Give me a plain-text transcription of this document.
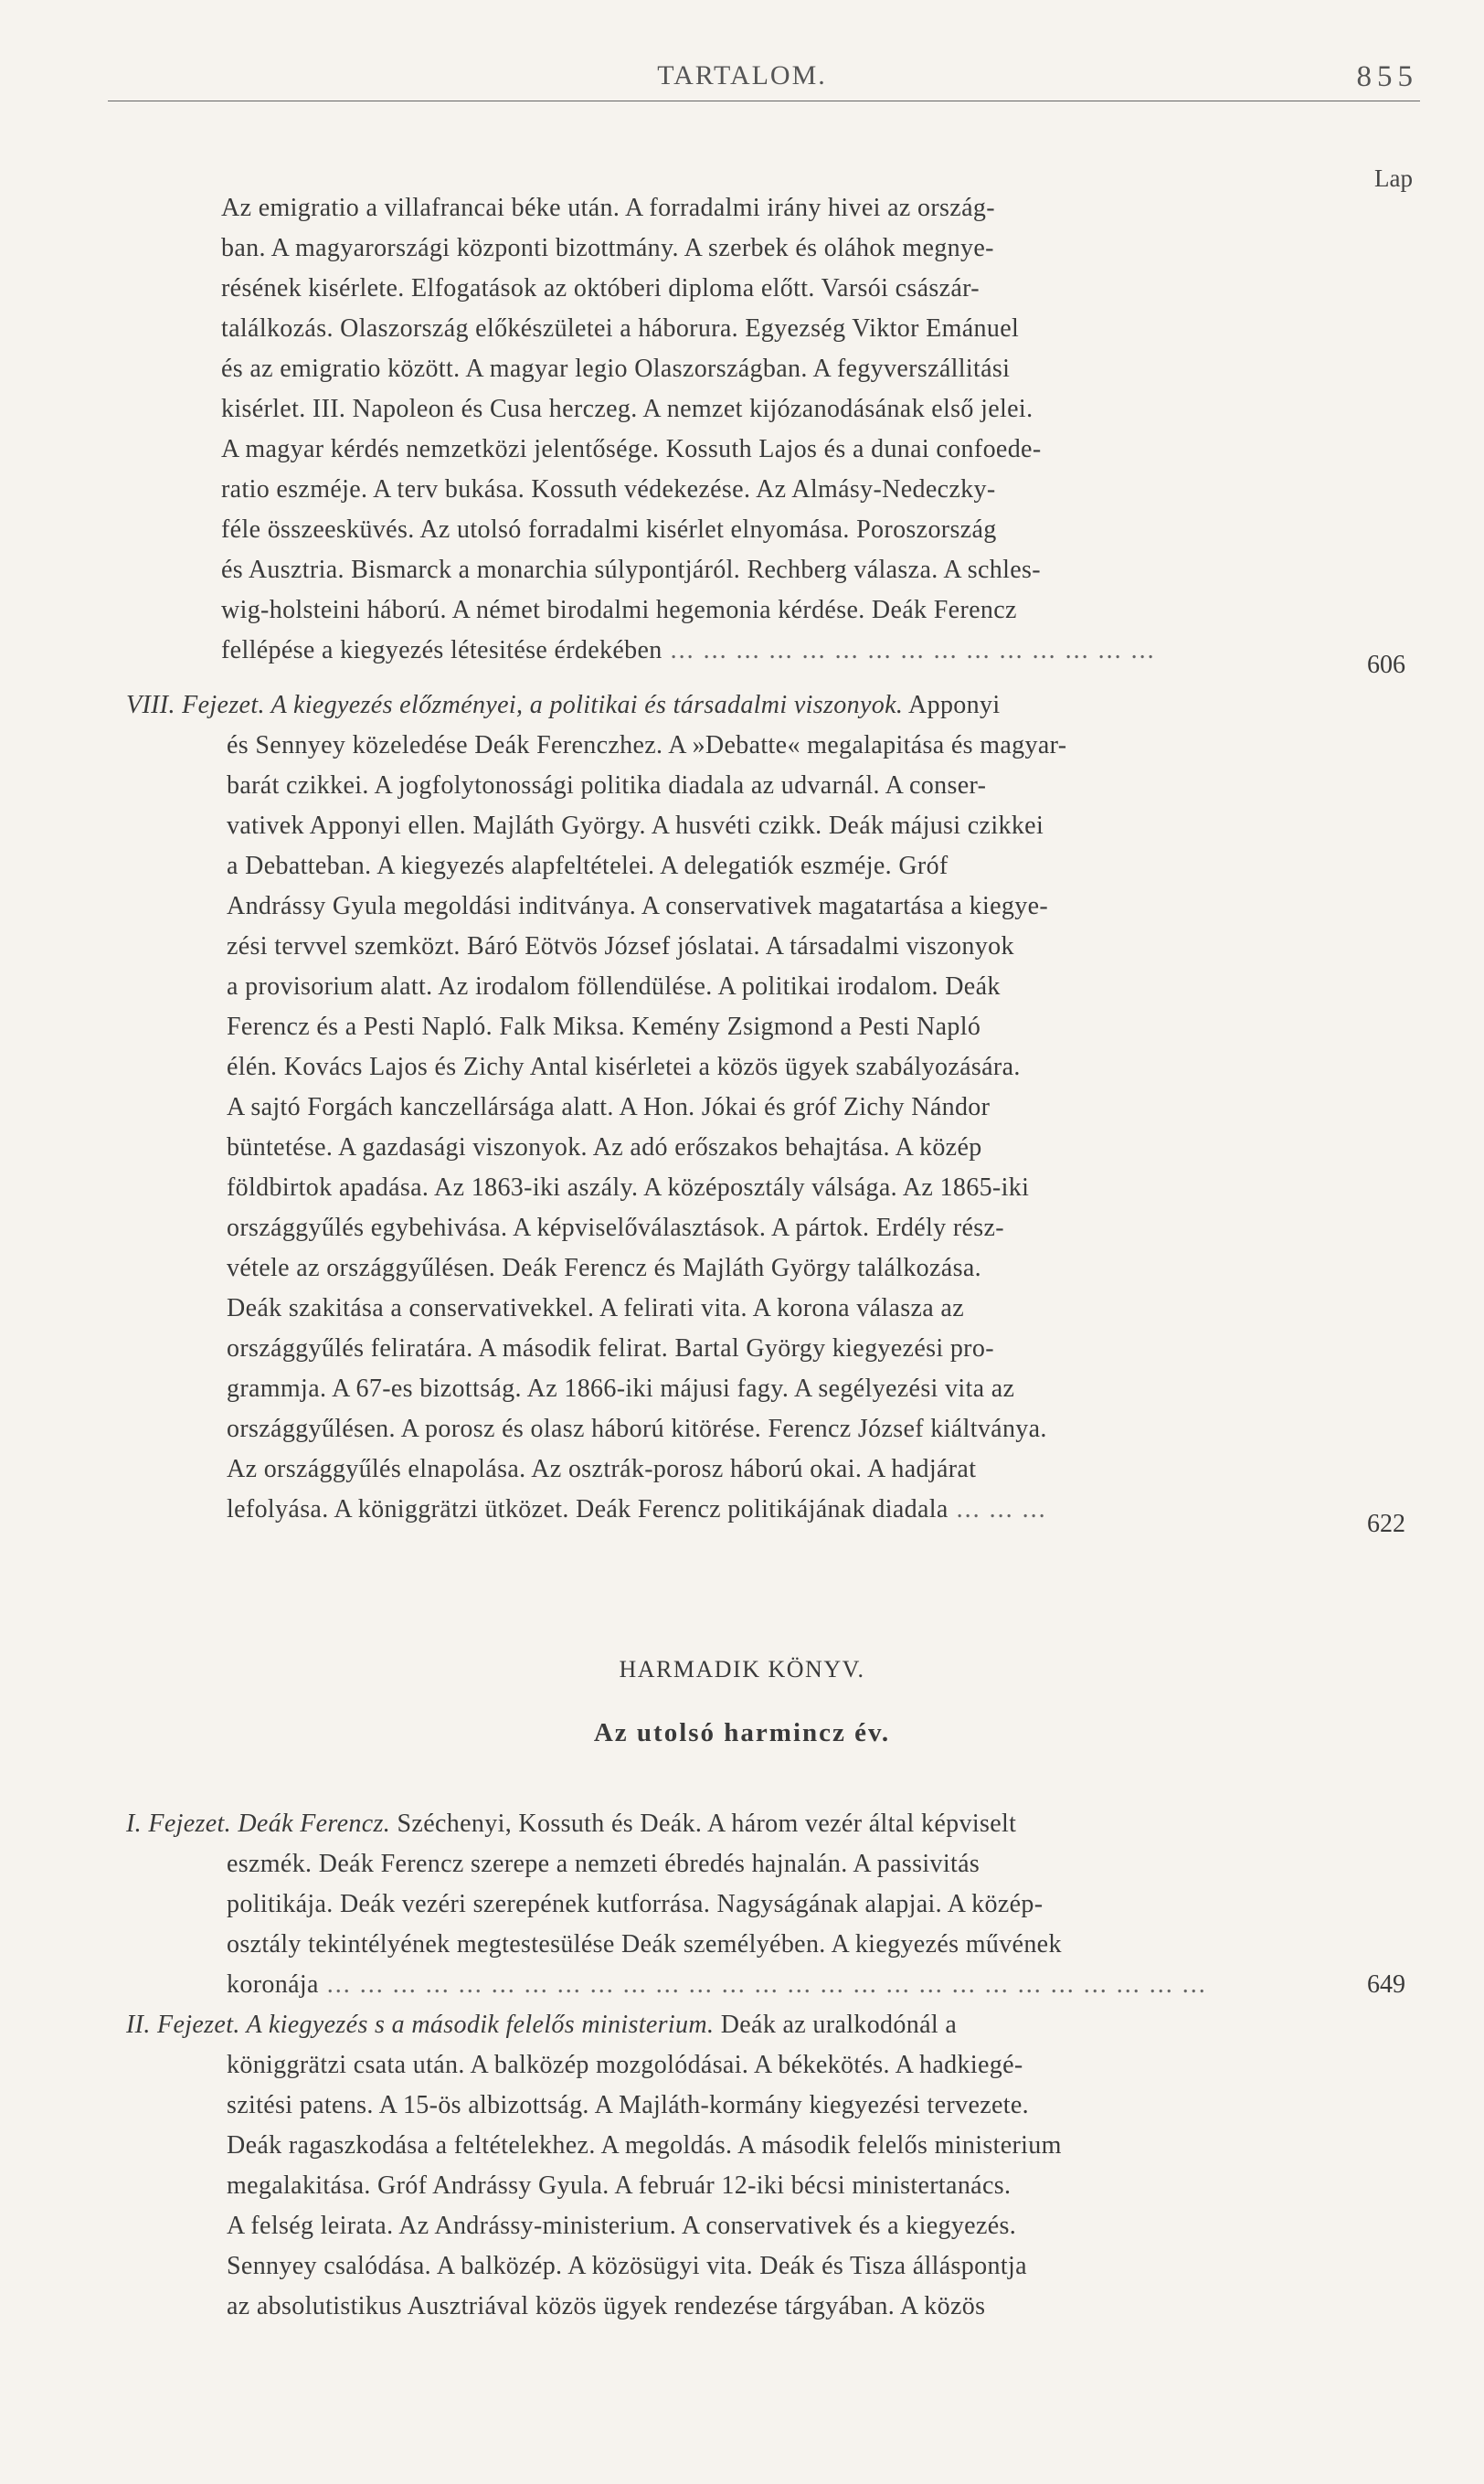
TARTALOM.	855
Lap
Az emigratio a villafrancai béke után. A forradalmi irány hivei az ország-
ban. A magyarországi központi bizottmány. A szerbek és oláhok megnye-
résének kisérlete. Elfogatások az októberi diploma előtt. Varsói császár-
találkozás. Olaszország előkészületei a háborura. Egyezség Viktor Emánuel
és az emigratio között. A magyar legio Olaszországban. A fegyverszállitási
kisérlet. III. Napoleon és Cusa herczeg. A nemzet kijózanodásának első jelei.
A magyar kérdés nemzetközi jelentősége. Kossuth Lajos és a dunai confoede-
ratio eszméje. A terv bukása. Kossuth védekezése. Az Almásy-Nedeczky-
féle összeesküvés. Az utolsó forradalmi kisérlet elnyomása. Poroszország
és Ausztria. Bismarck a monarchia súlypontjáról. Rechberg válasza. A schles-
wig-holsteini háború. A német birodalmi hegemonia kérdése. Deák Ferencz
fellépése a kiegyezés létesitése érdekében ... ... ... ... ... ... ... ... ... ... ... ... ... ... ...
606
VIII. Fejezet. A kiegyezés előzményei, a politikai és társadalmi viszonyok. Apponyi
és Sennyey közeledése Deák Ferenczhez. A »Debatte« megalapitása és magyar-
barát czikkei. A jogfolytonossági politika diadala az udvarnál. A conser-
vativek Apponyi ellen. Majláth György. A husvéti czikk. Deák májusi czikkei
a Debatteban. A kiegyezés alapfeltételei. A delegatiók eszméje. Gróf
Andrássy Gyula megoldási inditványa. A conservativek magatartása a kiegye-
zési tervvel szemközt. Báró Eötvös József jóslatai. A társadalmi viszonyok
a provisorium alatt. Az irodalom föllendülése. A politikai irodalom. Deák
Ferencz és a Pesti Napló. Falk Miksa. Kemény Zsigmond a Pesti Napló
élén. Kovács Lajos és Zichy Antal kisérletei a közös ügyek szabályozására.
A sajtó Forgách kanczellársága alatt. A Hon. Jókai és gróf Zichy Nándor
büntetése. A gazdasági viszonyok. Az adó erőszakos behajtása. A közép
földbirtok apadása. Az 1863-iki aszály. A középosztály válsága. Az 1865-iki
országgyűlés egybehivása. A képviselőválasztások. A pártok. Erdély rész-
vétele az országgyűlésen. Deák Ferencz és Majláth György találkozása.
Deák szakitása a conservativekkel. A felirati vita. A korona válasza az
országgyűlés feliratára. A második felirat. Bartal György kiegyezési pro-
grammja. A 67-es bizottság. Az 1866-iki májusi fagy. A segélyezési vita az
országgyűlésen. A porosz és olasz háború kitörése. Ferencz József kiáltványa.
Az országgyűlés elnapolása. Az osztrák-porosz háború okai. A hadjárat
lefolyása. A königgrätzi ütközet. Deák Ferencz politikájának diadala ... ... ...
622
HARMADIK KÖNYV.
Az utolsó harmincz év.
I. Fejezet. Deák Ferencz. Széchenyi, Kossuth és Deák. A három vezér által képviselt
eszmék. Deák Ferencz szerepe a nemzeti ébredés hajnalán. A passivitás
politikája. Deák vezéri szerepének kutforrása. Nagyságának alapjai. A közép-
osztály tekintélyének megtestesülése Deák személyében. A kiegyezés művének
koronája ... ... ... ... ... ... ... ... ... ... ... ... ... ... ... ... ... ... ... ... ... ... ... ... ... ... ...	649
II. Fejezet. A kiegyezés s a második felelős ministerium. Deák az uralkodónál a
königgrätzi csata után. A balközép mozgolódásai. A békekötés. A hadkiegé-
szitési patens. A 15-ös albizottság. A Majláth-kormány kiegyezési tervezete.
Deák ragaszkodása a feltételekhez. A megoldás. A második felelős ministerium
megalakitása. Gróf Andrássy Gyula. A február 12-iki bécsi ministertanács.
A felség leirata. Az Andrássy-ministerium. A conservativek és a kiegyezés.
Sennyey csalódása. A balközép. A közösügyi vita. Deák és Tisza álláspontja
az absolutistikus Ausztriával közös ügyek rendezése tárgyában. A közös
